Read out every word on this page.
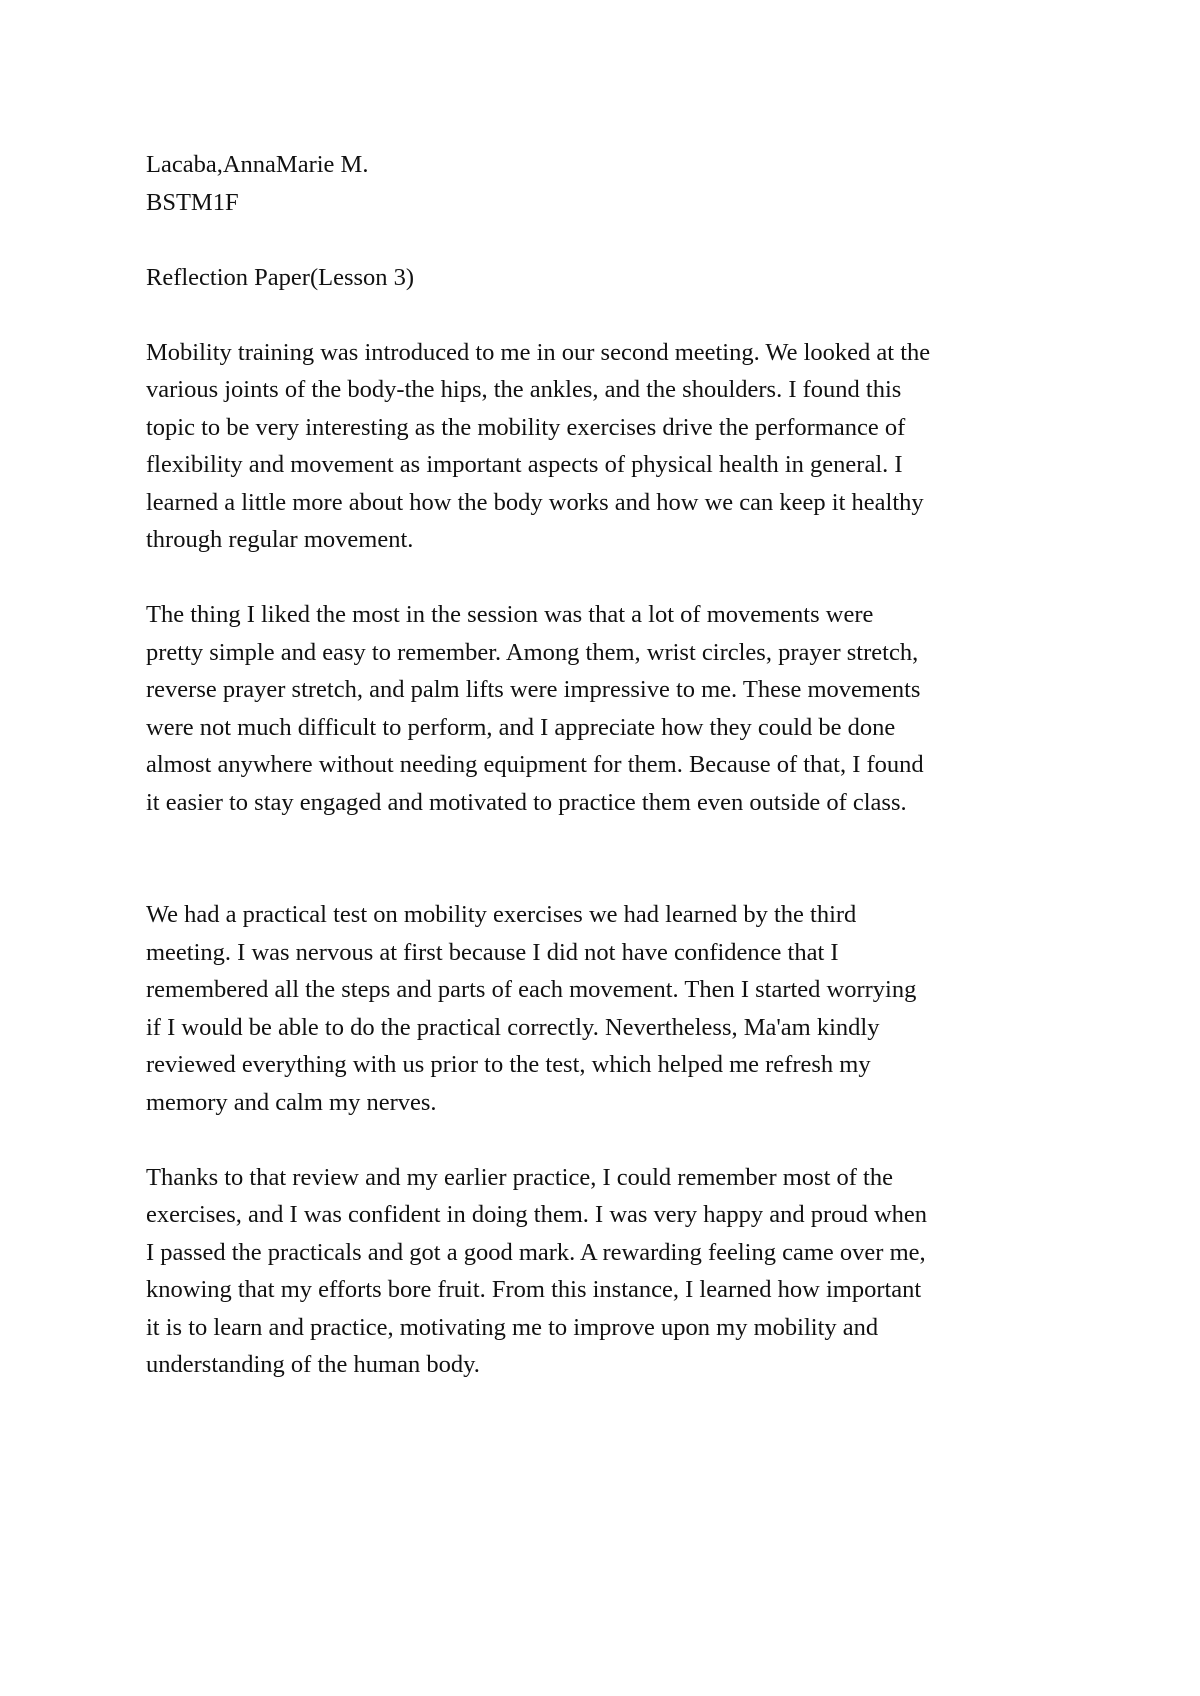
Lacaba,AnnaMarie M.
BSTM1F
Reflection Paper(Lesson 3)
Mobility training was introduced to me in our second meeting. We looked at the
various joints of the body-the hips, the ankles, and the shoulders. I found this
topic to be very interesting as the mobility exercises drive the performance of
flexibility and movement as important aspects of physical health in general. I
learned a little more about how the body works and how we can keep it healthy
through regular movement.
The thing I liked the most in the session was that a lot of movements were
pretty simple and easy to remember. Among them, wrist circles, prayer stretch,
reverse prayer stretch, and palm lifts were impressive to me. These movements
were not much difficult to perform, and I appreciate how they could be done
almost anywhere without needing equipment for them. Because of that, I found
it easier to stay engaged and motivated to practice them even outside of class.
We had a practical test on mobility exercises we had learned by the third
meeting. I was nervous at first because I did not have confidence that I
remembered all the steps and parts of each movement. Then I started worrying
if I would be able to do the practical correctly. Nevertheless, Ma'am kindly
reviewed everything with us prior to the test, which helped me refresh my
memory and calm my nerves.
Thanks to that review and my earlier practice, I could remember most of the
exercises, and I was confident in doing them. I was very happy and proud when
I passed the practicals and got a good mark. A rewarding feeling came over me,
knowing that my efforts bore fruit. From this instance, I learned how important
it is to learn and practice, motivating me to improve upon my mobility and
understanding of the human body.
